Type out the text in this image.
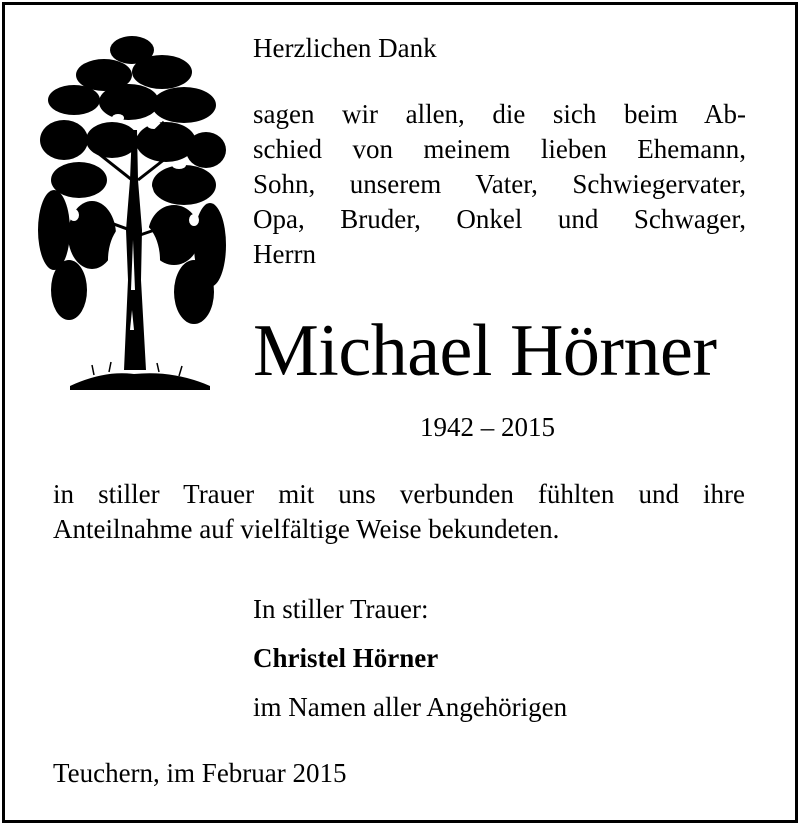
Herzlichen Dank

sagen wir allen, die sich beim Ab-
schied von meinem lieben Ehemann,
Sohn, unserem Vater, Schwiegervater,
Opa, Bruder, Onkel und Schwager,
Herrn

Michael Hörner

1942 – 2015

in stiller Trauer mit uns verbunden fühlten und ihre
Anteilnahme auf vielfältige Weise bekundeten.

In stiller Trauer:

Christel Hörner

im Namen aller Angehörigen

Teuchern, im Februar 2015
